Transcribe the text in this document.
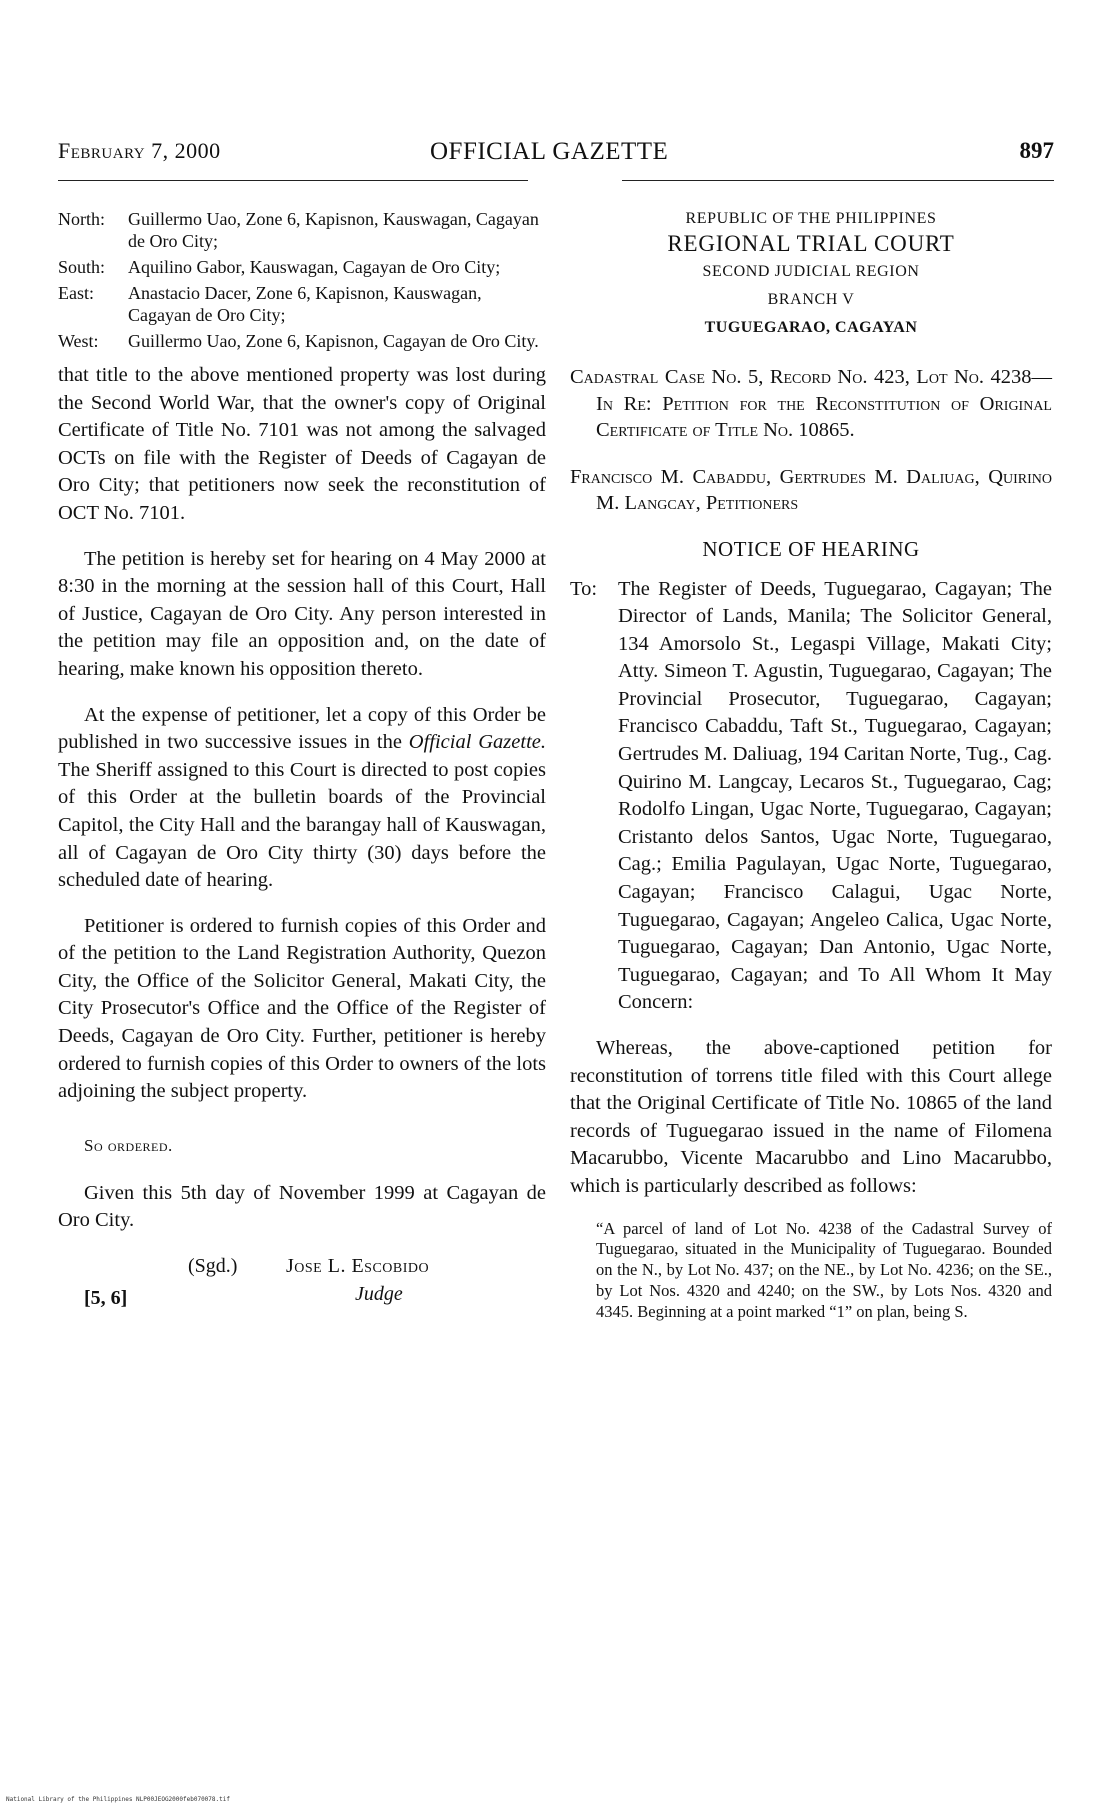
February 7, 2000	OFFICIAL GAZETTE	897
North:	Guillermo Uao, Zone 6, Kapisnon, Kauswagan, Cagayan de Oro City;
South:	Aquilino Gabor, Kauswagan, Cagayan de Oro City;
East:	Anastacio Dacer, Zone 6, Kapisnon, Kauswagan, Cagayan de Oro City;
West:	Guillermo Uao, Zone 6, Kapisnon, Cagayan de Oro City.

that title to the above mentioned property was lost during the Second World War, that the owner's copy of Original Certificate of Title No. 7101 was not among the salvaged OCTs on file with the Register of Deeds of Cagayan de Oro City; that petitioners now seek the reconstitution of OCT No. 7101.

The petition is hereby set for hearing on 4 May 2000 at 8:30 in the morning at the session hall of this Court, Hall of Justice, Cagayan de Oro City. Any person interested in the petition may file an opposition and, on the date of hearing, make known his opposition thereto.

At the expense of petitioner, let a copy of this Order be published in two successive issues in the Official Gazette. The Sheriff assigned to this Court is directed to post copies of this Order at the bulletin boards of the Provincial Capitol, the City Hall and the barangay hall of Kauswagan, all of Cagayan de Oro City thirty (30) days before the scheduled date of hearing.

Petitioner is ordered to furnish copies of this Order and of the petition to the Land Registration Authority, Quezon City, the Office of the Solicitor General, Makati City, the City Prosecutor's Office and the Office of the Register of Deeds, Cagayan de Oro City. Further, petitioner is hereby ordered to furnish copies of this Order to owners of the lots adjoining the subject property.

So ordered.

Given this 5th day of November 1999 at Cagayan de Oro City.

(Sgd.) Jose L. Escobido
Judge
[5, 6]
REPUBLIC OF THE PHILIPPINES
REGIONAL TRIAL COURT
SECOND JUDICIAL REGION
BRANCH V
TUGUEGARAO, CAGAYAN

Cadastral Case No. 5, Record No. 423, Lot No. 4238—In Re: Petition for the Reconstitution of Original Certificate of Title No. 10865.

Francisco M. Cabaddu, Gertrudes M. Daliuag, Quirino M. Langcay, Petitioners

NOTICE OF HEARING
To:	The Register of Deeds, Tuguegarao, Cagayan; The Director of Lands, Manila; The Solicitor General, 134 Amorsolo St., Legaspi Village, Makati City; Atty. Simeon T. Agustin, Tuguegarao, Cagayan; The Provincial Prosecutor, Tuguegarao, Cagayan; Francisco Cabaddu, Taft St., Tuguegarao, Cagayan; Gertrudes M. Daliuag, 194 Caritan Norte, Tug., Cag. Quirino M. Langcay, Lecaros St., Tuguegarao, Cag; Rodolfo Lingan, Ugac Norte, Tuguegarao, Cagayan; Cristanto delos Santos, Ugac Norte, Tuguegarao, Cag.; Emilia Pagulayan, Ugac Norte, Tuguegarao, Cagayan; Francisco Calagui, Ugac Norte, Tuguegarao, Cagayan; Angeleo Calica, Ugac Norte, Tuguegarao, Cagayan; Dan Antonio, Ugac Norte, Tuguegarao, Cagayan; and To All Whom It May Concern:

Whereas, the above-captioned petition for reconstitution of torrens title filed with this Court allege that the Original Certificate of Title No. 10865 of the land records of Tuguegarao issued in the name of Filomena Macarubbo, Vicente Macarubbo and Lino Macarubbo, which is particularly described as follows:

“A parcel of land of Lot No. 4238 of the Cadastral Survey of Tuguegarao, situated in the Municipality of Tuguegarao. Bounded on the N., by Lot No. 437; on the NE., by Lot No. 4236; on the SE., by Lot Nos. 4320 and 4240; on the SW., by Lots Nos. 4320 and 4345. Beginning at a point marked “1” on plan, being S.

National Library of the Philippines NLP00JEOG2000feb070078.tif
